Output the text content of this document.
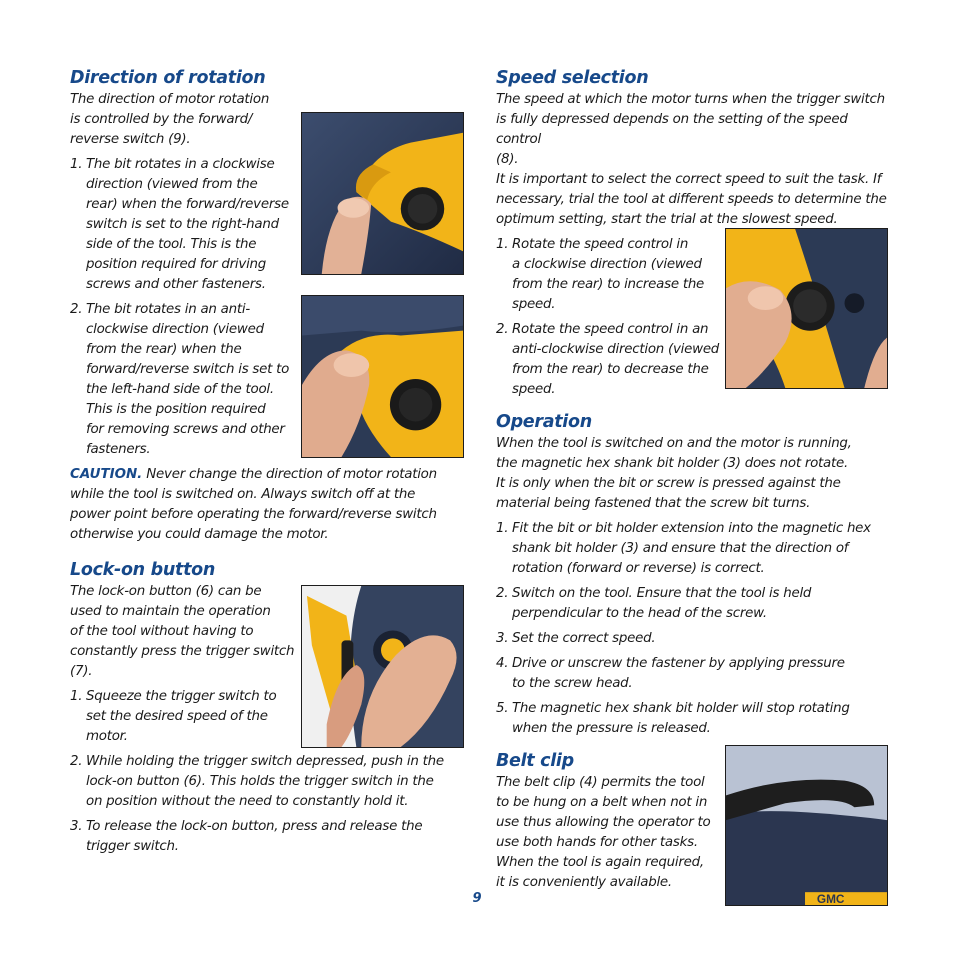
Direction of rotation

The direction of motor rotation
is controlled by the forward/
reverse switch (9).

1. The bit rotates in a clockwise
direction (viewed from the
rear) when the forward/reverse
switch is set to the right-hand
side of the tool. This is the
position required for driving
screws and other fasteners.
2. The bit rotates in an anti-
clockwise direction (viewed
from the rear) when the
forward/reverse switch is set to
the left-hand side of the tool.
This is the position required
for removing screws and other
fasteners.

CAUTION. Never change the direction of motor rotation
while the tool is switched on. Always switch off at the
power point before operating the forward/reverse switch
otherwise you could damage the motor.

Lock-on button

The lock-on button (6) can be
used to maintain the operation
of the tool without having to
constantly press the trigger switch
(7).

1. Squeeze the trigger switch to
set the desired speed of the
motor.
2. While holding the trigger switch depressed, push in the
lock-on button (6). This holds the trigger switch in the
on position without the need to constantly hold it.
3. To release the lock-on button, press and release the
trigger switch.
Speed selection

The speed at which the motor turns when the trigger switch
is fully depressed depends on the setting of the speed control
(8).
It is important to select the correct speed to suit the task. If
necessary, trial the tool at different speeds to determine the
optimum setting, start the trial at the slowest speed.

1. Rotate the speed control in
a clockwise direction (viewed
from the rear) to increase the
speed.
2. Rotate the speed control in an
anti-clockwise direction (viewed
from the rear) to decrease the
speed.
Operation

When the tool is switched on and the motor is running,
the magnetic hex shank bit holder (3) does not rotate.
It is only when the bit or screw is pressed against the
material being fastened that the screw bit turns.

1. Fit the bit or bit holder extension into the magnetic hex
shank bit holder (3) and ensure that the direction of
rotation (forward or reverse) is correct.
2. Switch on the tool. Ensure that the tool is held
perpendicular to the head of the screw.
3. Set the correct speed.
4. Drive or unscrew the fastener by applying pressure
to the screw head.
5. The magnetic hex shank bit holder will stop rotating
when the pressure is released.
Belt clip

The belt clip (4) permits the tool
to be hung on a belt when not in
use thus allowing the operator to
use both hands for other tasks.
When the tool is again required,
it is conveniently available.

GMC
9
